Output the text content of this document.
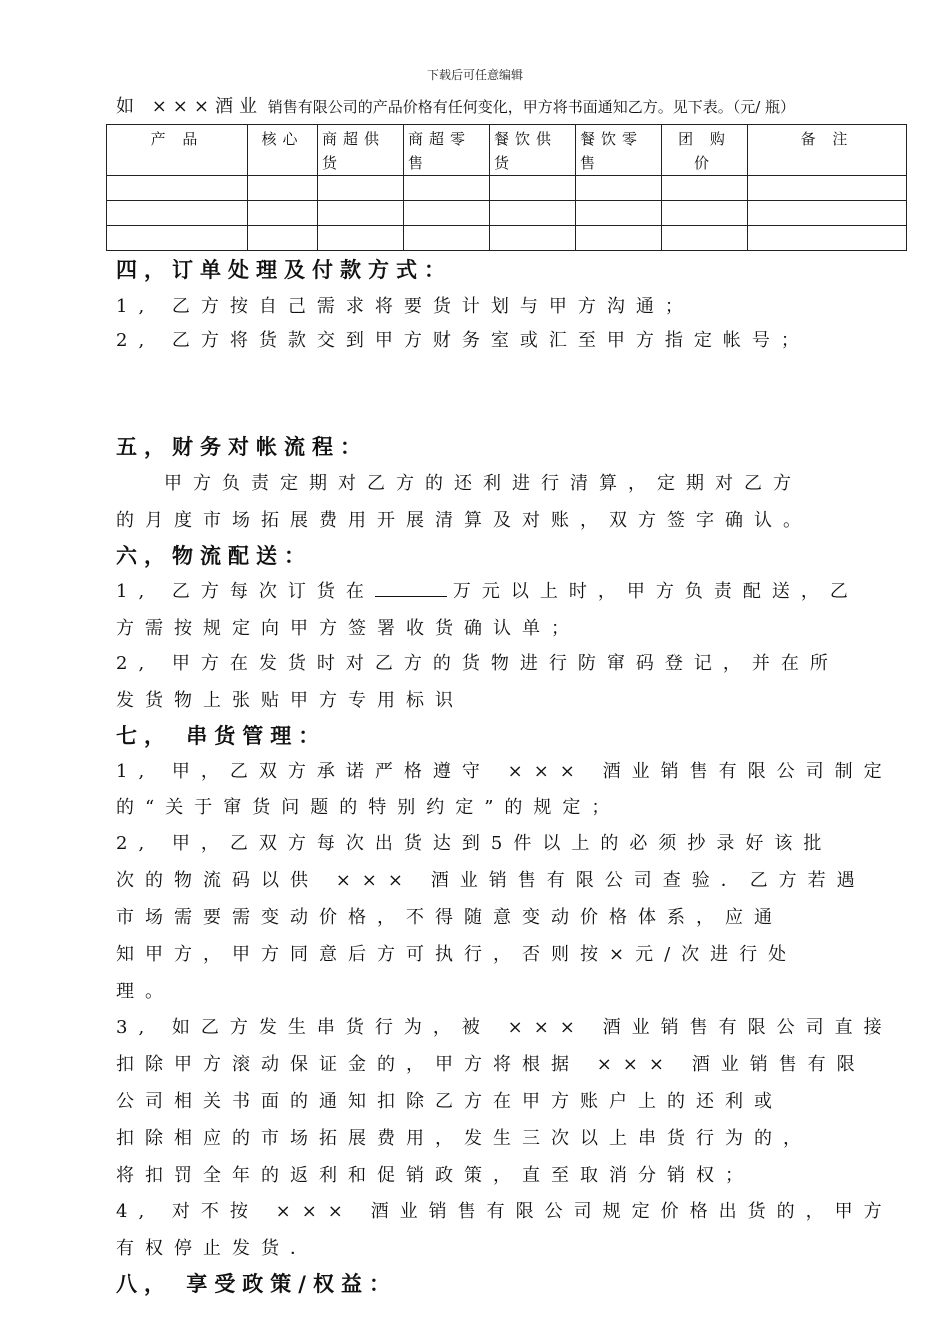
下载后可任意编辑
如 ×××酒业 销售有限公司的产品价格有任何变化，甲方将书面通知乙方。见下表。（元/ 瓶）
产 品	核心	商超供货	商超零售	餐饮供货	餐饮零售	团 购 价	备 注

四，订单处理及付款方式：
1, 乙方按自己需求将要货计划与甲方沟通；
2, 乙方将货款交到甲方财务室或汇至甲方指定帐号；
五，财务对帐流程：
甲方负责定期对乙方的还利进行清算，定期对乙方
的月度市场拓展费用开展清算及对账，双方签字确认。
六，物流配送：
1, 乙方每次订货在	万元以上时，甲方负责配送，乙
方需按规定向甲方签署收货确认单；
2, 甲方在发货时对乙方的货物进行防窜码登记，并在所
发货物上张贴甲方专用标识
七， 串货管理：
1, 甲，乙双方承诺严格遵守 ××× 酒业销售有限公司制定
的“关于窜货问题的特别约定”的规定；
2, 甲，乙双方每次出货达到5件以上的必须抄录好该批
次的物流码以供 ××× 酒业销售有限公司查验．乙方若遇
市场需要需变动价格，不得随意变动价格体系，应通
知甲方，甲方同意后方可执行，否则按×元/次进行处
理。
3, 如乙方发生串货行为，被 ××× 酒业销售有限公司直接
扣除甲方滚动保证金的，甲方将根据 ××× 酒业销售有限
公司相关书面的通知扣除乙方在甲方账户上的还利或
扣除相应的市场拓展费用，发生三次以上串货行为的，
将扣罚全年的返利和促销政策，直至取消分销权；
4, 对不按 ××× 酒业销售有限公司规定价格出货的，甲方
有权停止发货．
八， 享受政策/权益：
